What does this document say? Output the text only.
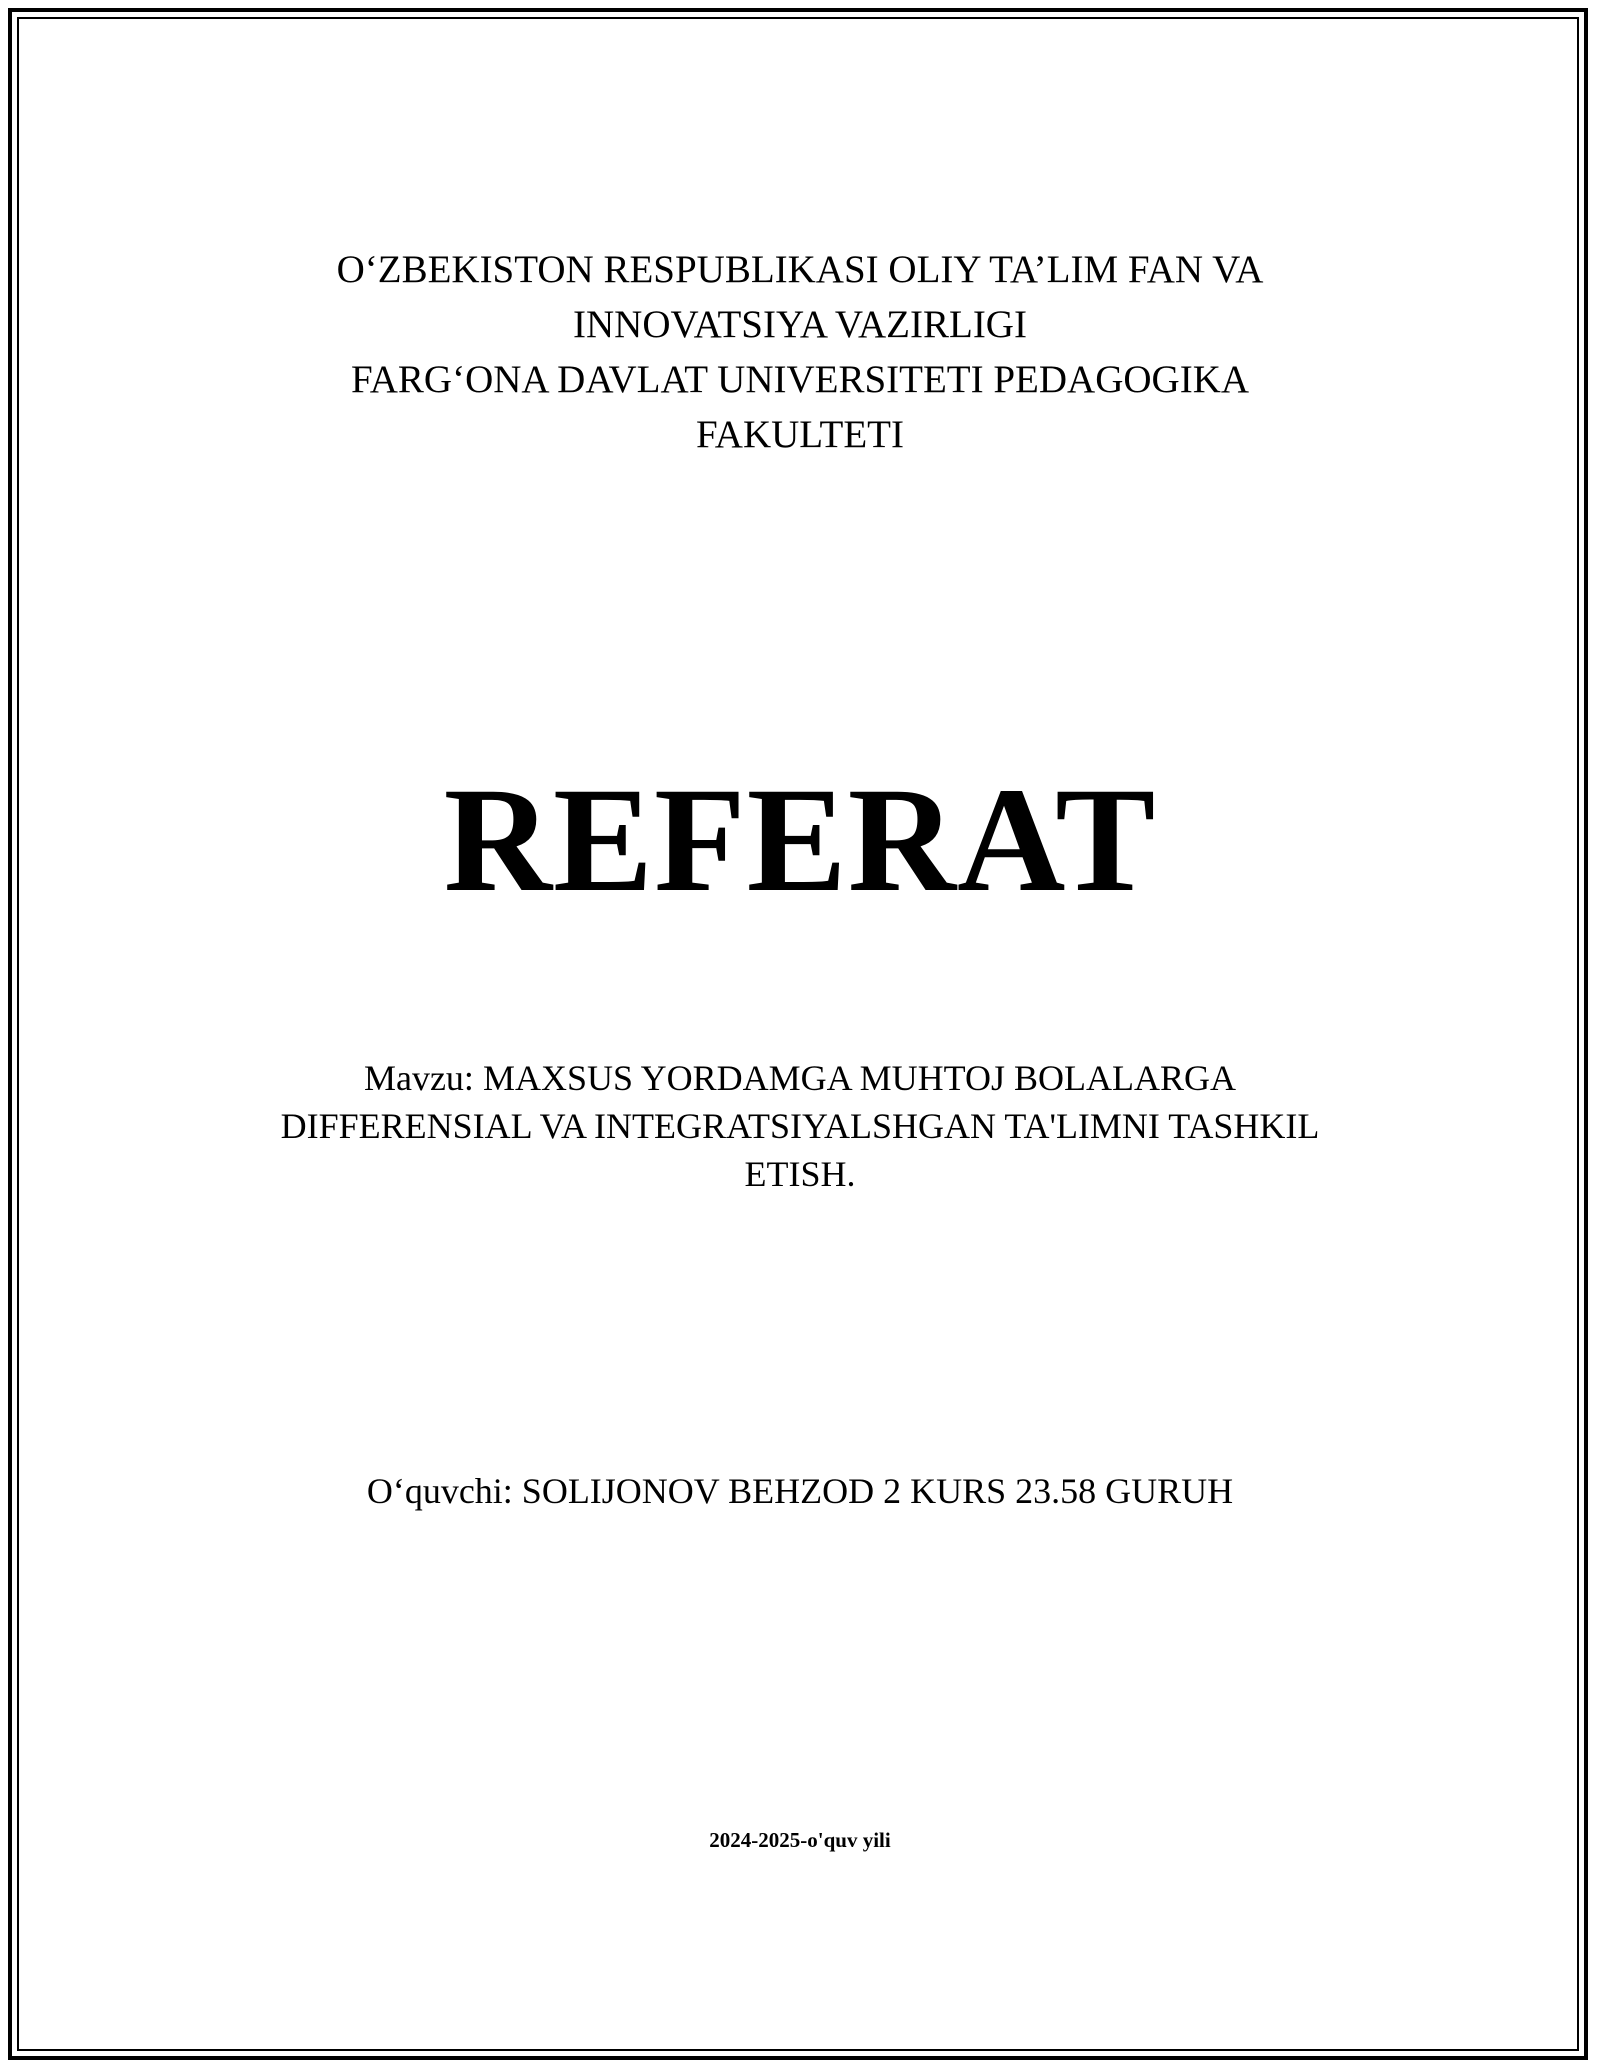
O‘ZBEKISTON RESPUBLIKASI OLIY TA’LIM FAN VA
INNOVATSIYA VAZIRLIGI
FARG‘ONA DAVLAT UNIVERSITETI PEDAGOGIKA
FAKULTETI
REFERAT
Mavzu: MAXSUS YORDAMGA MUHTOJ BOLALARGA
DIFFERENSIAL VA INTEGRATSIYALSHGAN TA'LIMNI TASHKIL
ETISH.
O‘quvchi: SOLIJONOV BEHZOD 2 KURS 23.58 GURUH
2024-2025-o'quv yili
